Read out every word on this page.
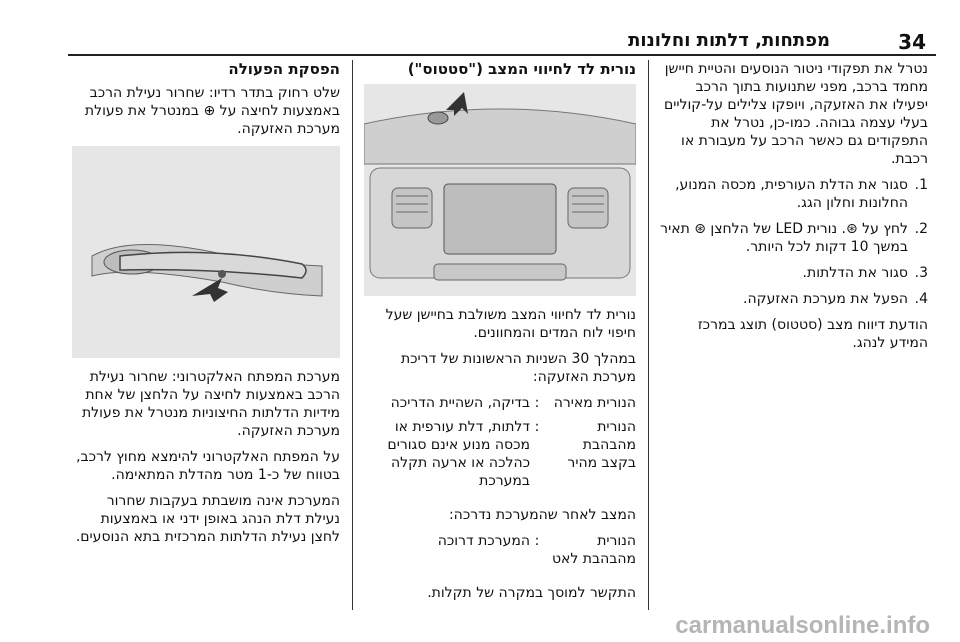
34
מפתחות, דלתות וחלונות

נטרל את תפקודי ניטור הנוסעים והטיית חיישן מחמד ברכב, מפני שתנועות בתוך הרכב יפעילו את האזעקה, ויופקו צלילים על-קוליים בעלי עצמה גבוהה. כמו-כן, נטרל את התפקודים גם כאשר הרכב על מעבורת או רכבת.

1.
סגור את הדלת העורפית, מכסה המנוע, החלונות וחלון הגג.
2.
לחץ על ⊛. נורית LED של הלחצן ⊛ תאיר במשך 10 דקות לכל היותר.
3.
סגור את הדלתות.
4.
הפעל את מערכת האזעקה.

הודעת דיווח מצב (סטטוס) תוצג במרכז המידע לנהג.

נורית לד לחיווי המצב ("סטטוס")

נורית לד לחיווי המצב משולבת בחיישן שעל חיפוי לוח המדים והמחוונים.

במהלך 30 השניות הראשונות של דריכת מערכת האזעקה:

הנורית מאירה	:	בדיקה, השהיית הדריכה
הנורית מהבהבת בקצב מהיר	:	דלתות, דלת עורפית או מכסה מנוע אינם סגורים כהלכה או ארעה תקלה במערכת

המצב לאחר שהמערכת נדרכה:

הנורית מהבהבת לאט	:	המערכת דרוכה

התקשר למוסך במקרה של תקלות.

הפסקת הפעולה

שלט רחוק בתדר רדיו: שחרור נעילת הרכב באמצעות לחיצה על ⊕ במנטרל את פעולת מערכת האזעקה.

מערכת המפתח האלקטרוני: שחרור נעילת הרכב באמצעות לחיצה על הלחצן של אחת מידיות הדלתות החיצוניות מנטרל את פעולת מערכת האזעקה.

על המפתח האלקטרוני להימצא מחוץ לרכב, בטווח של כ-1 מטר מהדלת המתאימה.

המערכת אינה מושבתת בעקבות שחרור נעילת דלת הנהג באופן ידני או באמצעות לחצן נעילת הדלתות המרכזית בתא הנוסעים.

carmanualsonline.info
